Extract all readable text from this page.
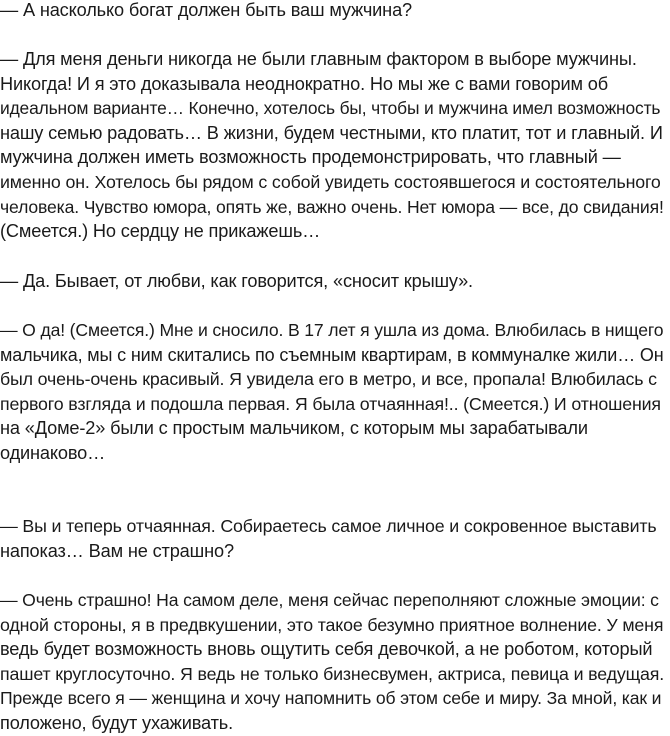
— А насколько богат должен быть ваш мужчина?

— Для меня деньги никогда не были главным фактором в выборе мужчины.
Никогда! И я это доказывала неоднократно. Но мы же с вами говорим об
идеальном варианте… Конечно, хотелось бы, чтобы и мужчина имел возможность
нашу семью радовать… В жизни, будем честными, кто платит, тот и главный. И
мужчина должен иметь возможность продемонстрировать, что главный —
именно он. Хотелось бы рядом с собой увидеть состоявшегося и состоятельного
человека. Чувство юмора, опять же, важно очень. Нет юмора — все, до свидания!
(Смеется.) Но сердцу не прикажешь…

— Да. Бывает, от любви, как говорится, «сносит крышу».

— О да! (Смеется.) Мне и сносило. В 17 лет я ушла из дома. Влюбилась в нищего
мальчика, мы с ним скитались по съемным квартирам, в коммуналке жили… Он
был очень-очень красивый. Я увидела его в метро, и все, пропала! Влюбилась с
первого взгляда и подошла первая. Я была отчаянная!.. (Смеется.) И отношения
на «Доме-2» были с простым мальчиком, с которым мы зарабатывали
одинаково…

— Вы и теперь отчаянная. Собираетесь самое личное и сокровенное выставить
напоказ… Вам не страшно?

— Очень страшно! На самом деле, меня сейчас переполняют сложные эмоции: с
одной стороны, я в предвкушении, это такое безумно приятное волнение. У меня
ведь будет возможность вновь ощутить себя девочкой, а не роботом, который
пашет круглосуточно. Я ведь не только бизнесвумен, актриса, певица и ведущая.
Прежде всего я — женщина и хочу напомнить об этом себе и миру. За мной, как и
положено, будут ухаживать.
